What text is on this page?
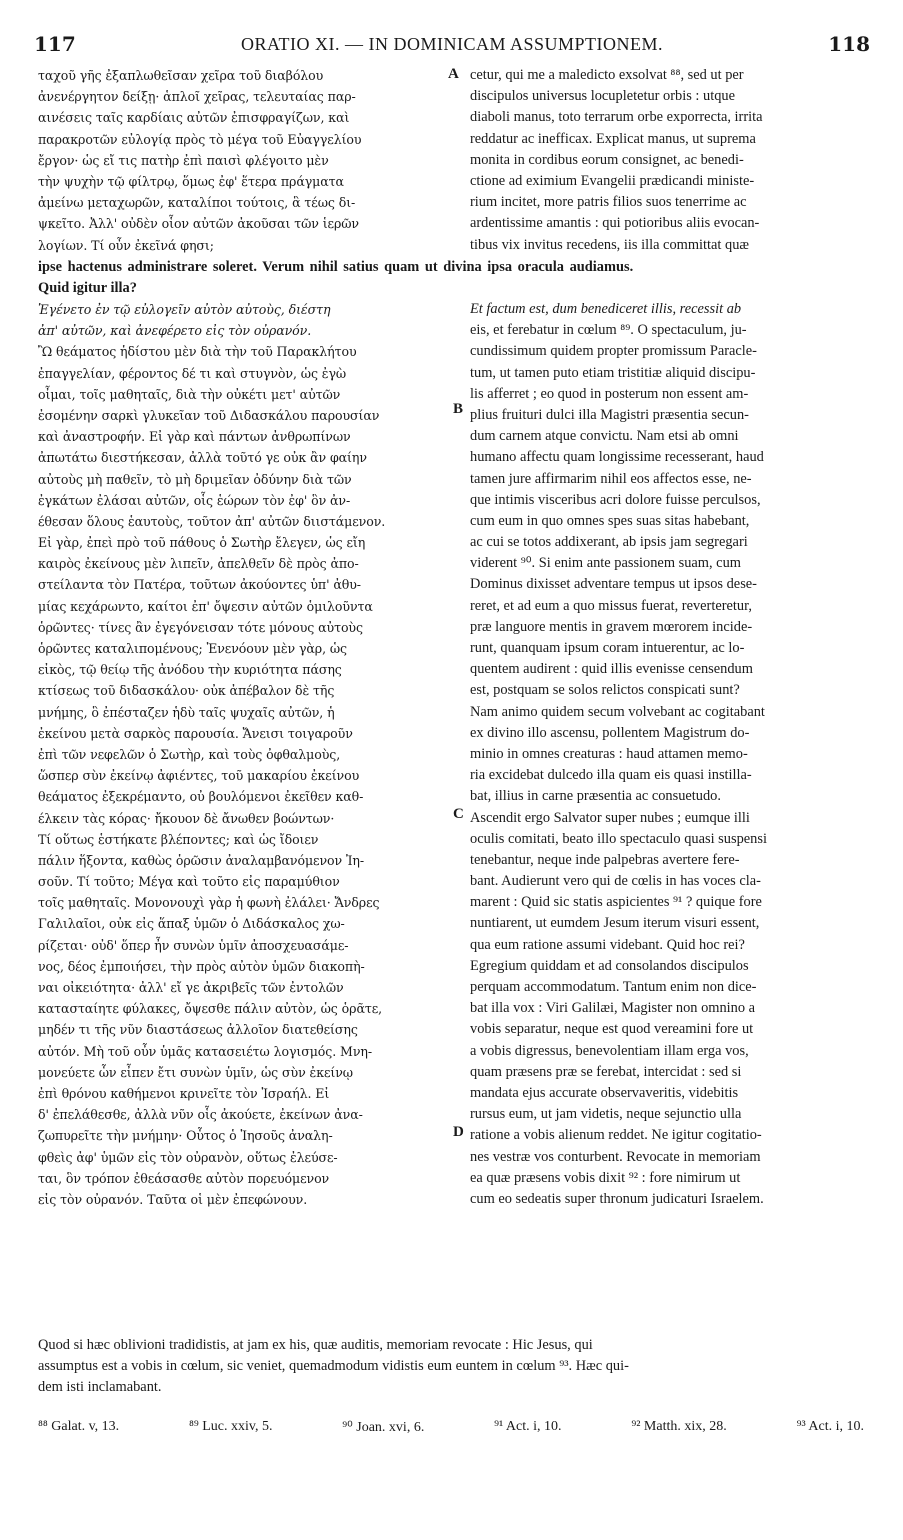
117	ORATIO XI. — IN DOMINICAM ASSUMPTIONEM.	118
ταχοῦ γῆς ἐξαπλωθεῖσαν χεῖρα τοῦ διαβόλου
ἀνενέργητον δείξῃ· ἁπλοῖ χεῖρας, τελευταίας παρ-
αινέσεις ταῖς καρδίαις αὐτῶν ἐπισφραγίζων, καὶ
παρακροτῶν εὐλογίᾳ πρὸς τὸ μέγα τοῦ Εὐαγγελίου
ἔργον· ὡς εἴ τις πατὴρ ἐπὶ παισὶ φλέγοιτο μὲν
τὴν ψυχὴν τῷ φίλτρῳ, ὅμως ἐφ' ἕτερα πράγματα
ἀμείνω μεταχωρῶν, καταλίποι τούτοις, ἃ τέως δι-
ψκεῖτο. Ἀλλ' οὐδὲν οἷον αὐτῶν ἀκοῦσαι τῶν ἱερῶν
λογίων. Τί οὖν ἐκεῖνά φησι;
cetur, qui me a maledicto exsolvat ⁸⁸, sed ut per
discipulos universus locupletetur orbis : utque
diaboli manus, toto terrarum orbe exporrecta, irrita
reddatur ac inefficax. Explicat manus, ut suprema
monita in cordibus eorum consignet, ac benedi-
ctione ad eximium Evangelii prædicandi ministe-
rium incitet, more patris filios suos tenerrime ac
ardentissime amantis : qui potioribus aliis evocan-
tibus vix invitus recedens, iis illa committat quæ
A
ipse hactenus administrare soleret. Verum nihil satius quam ut divina ipsa oracula audiamus.
Quid igitur illa?
Ἐγένετο ἐν τῷ εὐλογεῖν αὐτὸν αὐτοὺς, διέστη
ἀπ' αὐτῶν, καὶ ἀνεφέρετο εἰς τὸν οὐρανόν.
Ὢ θεάματος ἡδίστου μὲν διὰ τὴν τοῦ Παρακλήτου
ἐπαγγελίαν, φέροντος δέ τι καὶ στυγνὸν, ὡς ἐγὼ
οἶμαι, τοῖς μαθηταῖς, διὰ τὴν οὐκέτι μετ' αὐτῶν
ἐσομένην σαρκὶ γλυκεῖαν τοῦ Διδασκάλου παρουσίαν
καὶ ἀναστροφήν. Εἰ γὰρ καὶ πάντων ἀνθρωπίνων
ἀπωτάτω διεστήκεσαν, ἀλλὰ τοῦτό γε οὐκ ἂν φαίην
αὐτοὺς μὴ παθεῖν, τὸ μὴ δριμεῖαν ὀδύνην διὰ τῶν
ἐγκάτων ἐλάσαι αὐτῶν, οἷς ἑώρων τὸν ἐφ' ὃν ἀν-
έθεσαν ὅλους ἑαυτοὺς, τοῦτον ἀπ' αὐτῶν διιστάμενον.
Εἰ γὰρ, ἐπεὶ πρὸ τοῦ πάθους ὁ Σωτὴρ ἔλεγεν, ὡς εἴη
καιρὸς ἐκείνους μὲν λιπεῖν, ἀπελθεῖν δὲ πρὸς ἀπο-
στείλαντα τὸν Πατέρα, τοῦτων ἀκούοντες ὑπ' ἀθυ-
μίας κεχάρωντο, καίτοι ἐπ' ὄψεσιν αὐτῶν ὁμιλοῦντα
ὁρῶντες· τίνες ἂν ἐγεγόνεισαν τότε μόνους αὐτοὺς
ὁρῶντες καταλιπομένους; Ἐνενόουν μὲν γὰρ, ὡς
εἰκὸς, τῷ θείῳ τῆς ἀνόδου τὴν κυριότητα πάσης
κτίσεως τοῦ διδασκάλου· οὐκ ἀπέβαλον δὲ τῆς
μνήμης, ὃ ἐπέσταζεν ἡδὺ ταῖς ψυχαῖς αὐτῶν, ἡ
ἐκείνου μετὰ σαρκὸς παρουσία. Ἄνεισι τοιγαροῦν
ἐπὶ τῶν νεφελῶν ὁ Σωτὴρ, καὶ τοὺς ὀφθαλμοὺς,
ὥσπερ σὺν ἐκείνῳ ἀφιέντες, τοῦ μακαρίου ἐκείνου
θεάματος ἐξεκρέμαντο, οὐ βουλόμενοι ἐκεῖθεν καθ-
έλκειν τὰς κόρας· ἤκουον δὲ ἄνωθεν βοώντων·
Τί οὕτως ἑστήκατε βλέποντες; καὶ ὡς ἴδοιεν
πάλιν ἥξοντα, καθὼς ὁρῶσιν ἀναλαμβανόμενον Ἰη-
σοῦν. Τί τοῦτο; Μέγα καὶ τοῦτο εἰς παραμύθιον
τοῖς μαθηταῖς. Μονονουχὶ γὰρ ἡ φωνὴ ἐλάλει· Ἄνδρες
Γαλιλαῖοι, οὐκ εἰς ἅπαξ ὑμῶν ὁ Διδάσκαλος χω-
ρίζεται· οὐδ' ὅπερ ἦν συνὼν ὑμῖν ἀποσχευασάμε-
νος, δέος ἐμποιήσει, τὴν πρὸς αὐτὸν ὑμῶν διακοπὴ-
ναι οἰκειότητα· ἀλλ' εἴ γε ἀκριβεῖς τῶν ἐντολῶν
κατασταίητε φύλακες, ὄψεσθε πάλιν αὐτὸν, ὡς ὁρᾶτε,
μηδέν τι τῆς νῦν διαστάσεως ἀλλοῖον διατεθείσης
αὐτόν. Μὴ τοῦ οὖν ὑμᾶς κατασειέτω λογισμός. Μνη-
μονεύετε ὧν εἶπεν ἔτι συνὼν ὑμῖν, ὡς σὺν ἐκείνῳ
ἐπὶ θρόνου καθήμενοι κρινεῖτε τὸν Ἰσραήλ. Εἰ
δ' ἐπελάθεσθε, ἀλλὰ νῦν οἷς ἀκούετε, ἐκείνων ἀνα-
ζωπυρεῖτε τὴν μνήμην· Οὗτος ὁ Ἰησοῦς ἀναλη-
φθεὶς ἀφ' ὑμῶν εἰς τὸν οὐρανὸν, οὕτως ἐλεύσε-
ται, ὃν τρόπον ἐθεάσασθε αὐτὸν πορευόμενον
εἰς τὸν οὐρανόν. Ταῦτα οἱ μὲν ἐπεφώνουν.
Et factum est, dum benediceret illis, recessit ab
eis, et ferebatur in cœlum ⁸⁹. O spectaculum, ju-
cundissimum quidem propter promissum Paracle-
tum, ut tamen puto etiam tristitiæ aliquid discipu-
lis afferret ; eo quod in posterum non essent am-
plius fruituri dulci illa Magistri præsentia secun-
dum carnem atque convictu. Nam etsi ab omni
humano affectu quam longissime recesserant, haud
tamen jure affirmarim nihil eos affectos esse, ne-
que intimis visceribus acri dolore fuisse perculsos,
cum eum in quo omnes spes suas sitas habebant,
ac cui se totos addixerant, ab ipsis jam segregari
viderent ⁹⁰. Si enim ante passionem suam, cum
Dominus dixisset adventare tempus ut ipsos dese-
reret, et ad eum a quo missus fuerat, reverteretur,
præ languore mentis in gravem mœrorem incide-
runt, quanquam ipsum coram intuerentur, ac lo-
quentem audirent : quid illis evenisse censendum
est, postquam se solos relictos conspicati sunt?
Nam animo quidem secum volvebant ac cogitabant
ex divino illo ascensu, pollentem Magistrum do-
minio in omnes creaturas : haud attamen memo-
ria excidebat dulcedo illa quam eis quasi instilla-
bat, illius in carne præsentia ac consuetudo.
Ascendit ergo Salvator super nubes ; eumque illi
oculis comitati, beato illo spectaculo quasi suspensi
tenebantur, neque inde palpebras avertere fere-
bant. Audierunt vero qui de cœlis in has voces cla-
marent : Quid sic statis aspicientes ⁹¹ ? quique fore
nuntiarent, ut eumdem Jesum iterum visuri essent,
qua eum ratione assumi videbant. Quid hoc rei?
Egregium quiddam et ad consolandos discipulos
perquam accommodatum. Tantum enim non dice-
bat illa vox : Viri Galilæi, Magister non omnino a
vobis separatur, neque est quod vereamini fore ut
a vobis digressus, benevolentiam illam erga vos,
quam præsens præ se ferebat, intercidat : sed si
mandata ejus accurate observaveritis, videbitis
rursus eum, ut jam videtis, neque sejunctio ulla
ratione a vobis alienum reddet. Ne igitur cogitatio-
nes vestræ vos conturbent. Revocate in memoriam
ea quæ præsens vobis dixit ⁹² : fore nimirum ut
cum eo sedeatis super thronum judicaturi Israelem.
B
C
D
Quod si hæc oblivioni tradidistis, at jam ex his, quæ auditis, memoriam revocate : Hic Jesus, qui
assumptus est a vobis in cœlum, sic veniet, quemadmodum vidistis eum euntem in cœlum ⁹³. Hæc qui-
dem isti inclamabant.
⁸⁸ Galat. v, 13.	⁸⁹ Luc. xxiv, 5.	⁹⁰ Joan. xvi, 6.	⁹¹ Act. i, 10.	⁹² Matth. xix, 28.	⁹³ Act. i, 10.
